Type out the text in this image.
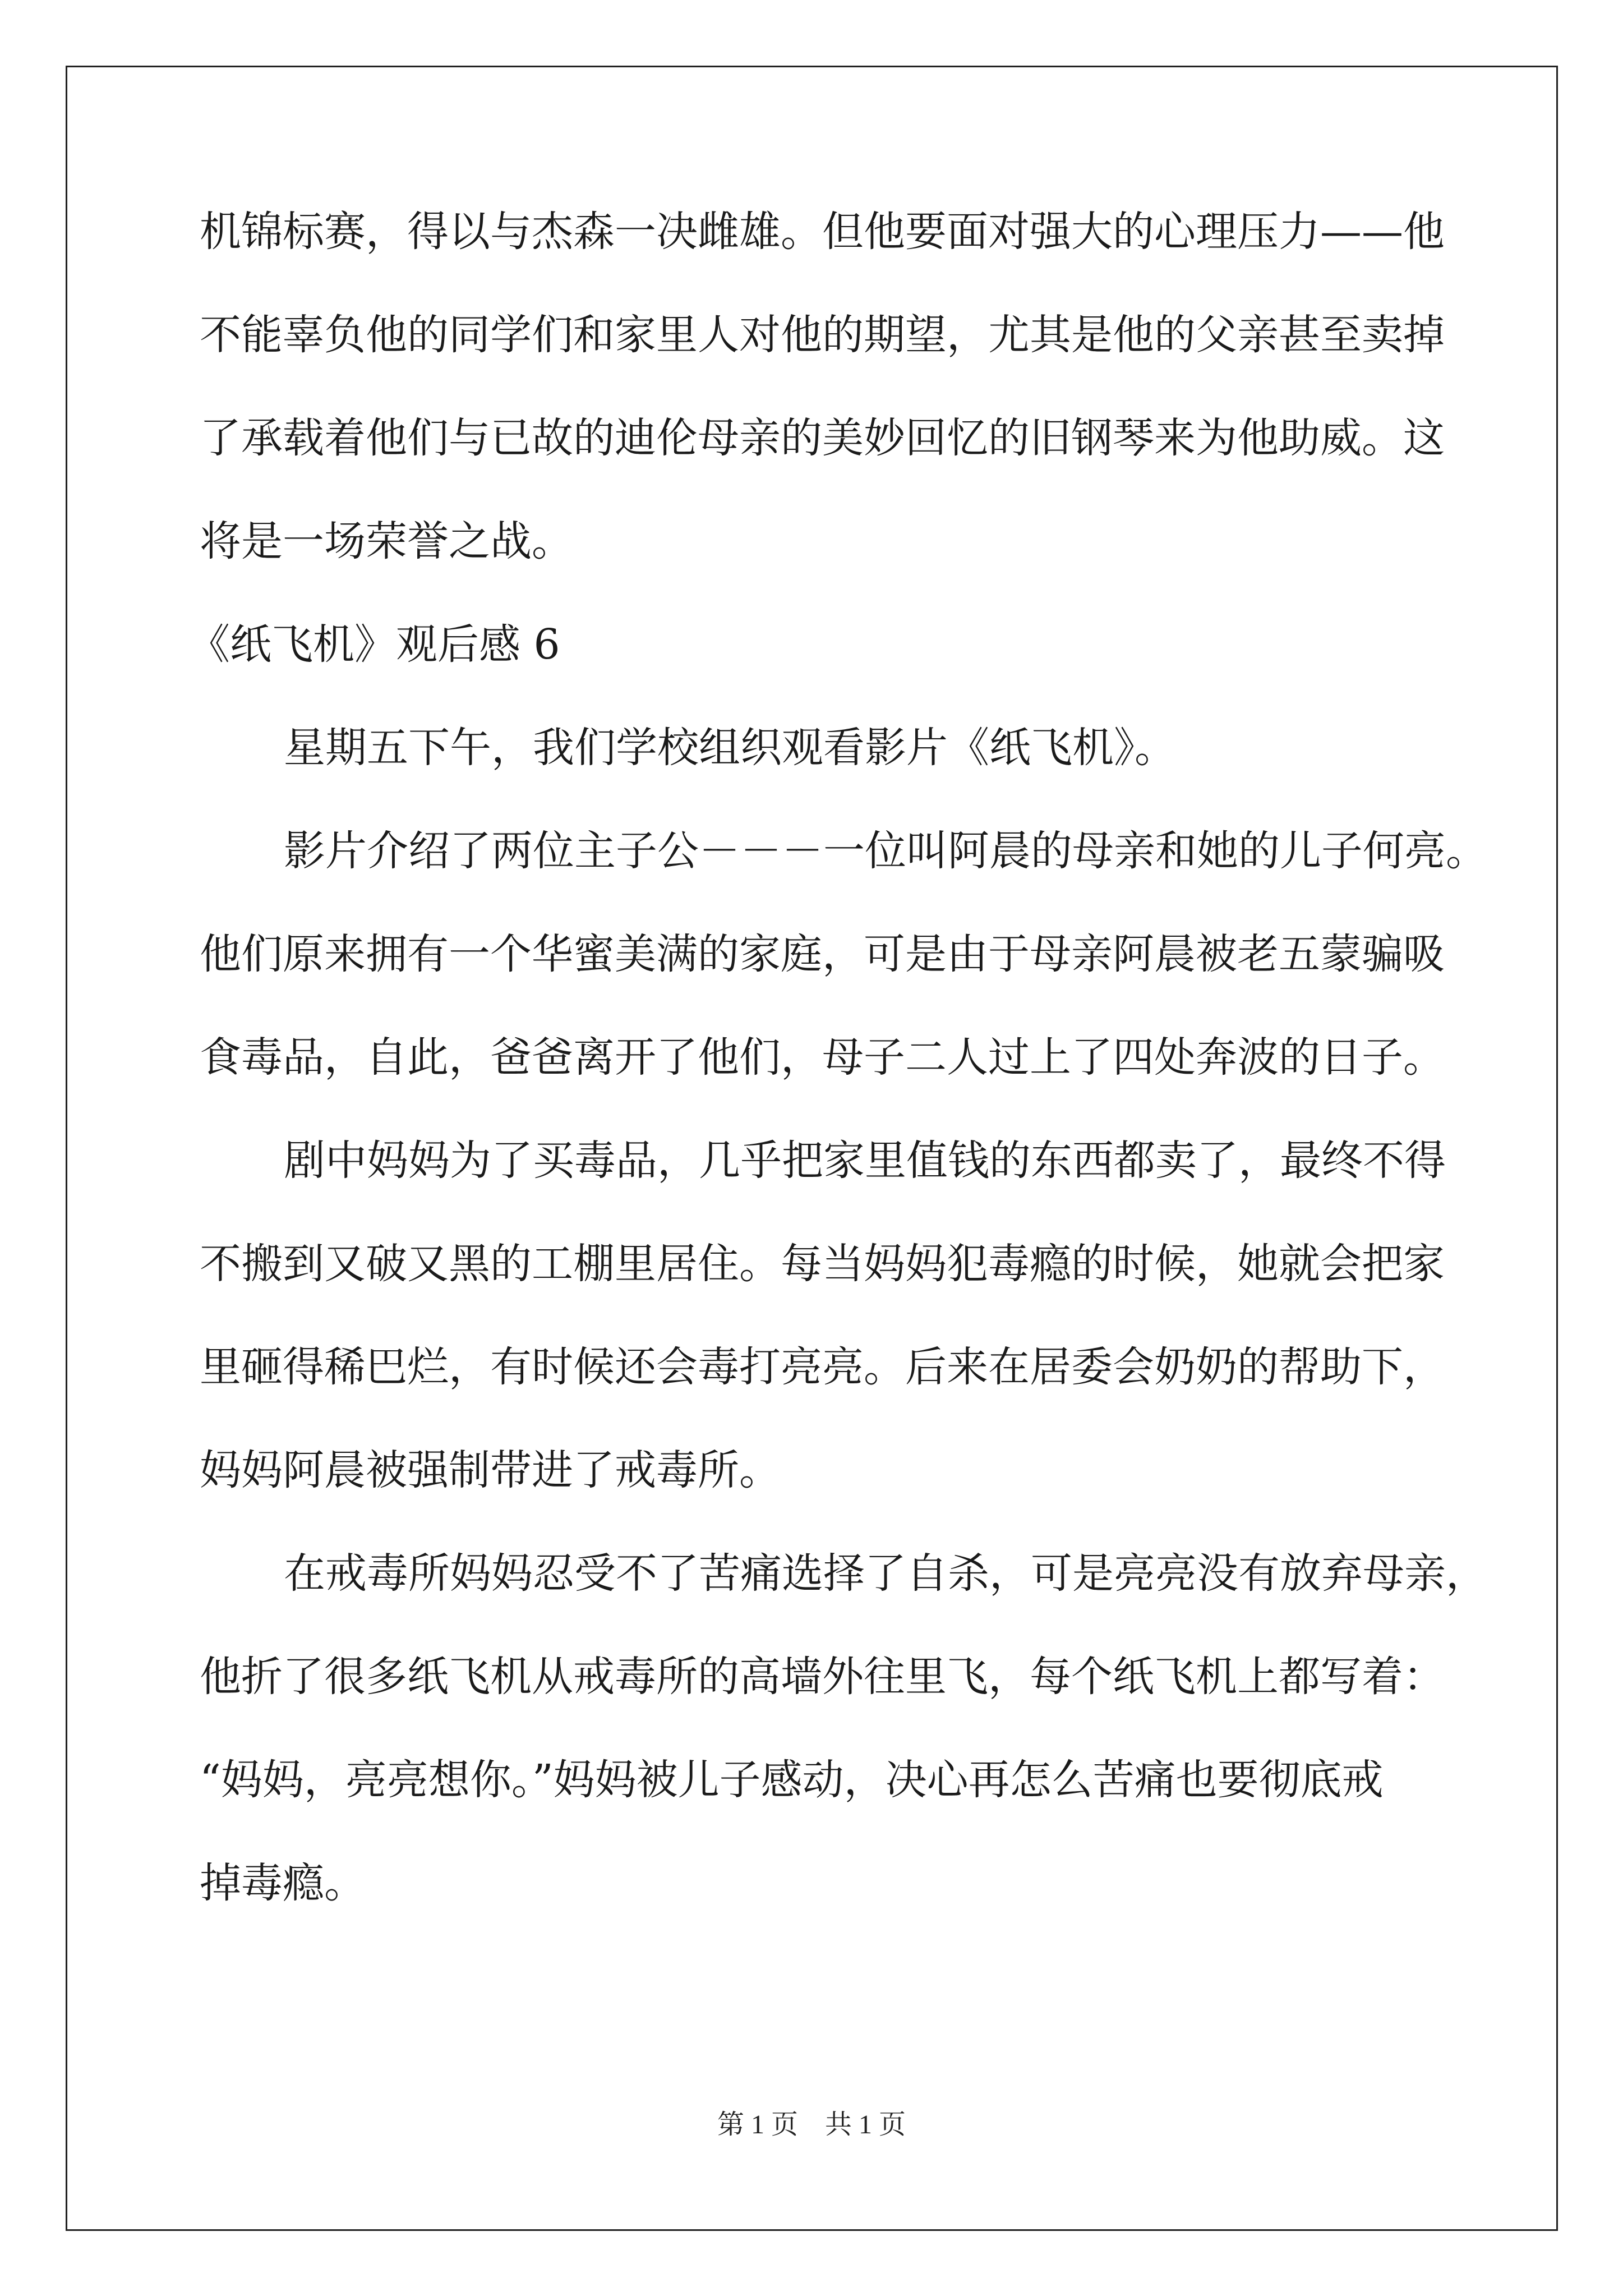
机锦标赛，得以与杰森一决雌雄。但他要面对强大的心理压力——他

不能辜负他的同学们和家里人对他的期望，尤其是他的父亲甚至卖掉

了承载着他们与已故的迪伦母亲的美妙回忆的旧钢琴来为他助威。这

将是一场荣誉之战。

《纸飞机》观后感 6

星期五下午，我们学校组织观看影片《纸飞机》。

影片介绍了两位主子公－－－一位叫阿晨的母亲和她的儿子何亮。

他们原来拥有一个华蜜美满的家庭，可是由于母亲阿晨被老五蒙骗吸

食毒品，自此，爸爸离开了他们，母子二人过上了四处奔波的日子。

剧中妈妈为了买毒品，几乎把家里值钱的东西都卖了，最终不得

不搬到又破又黑的工棚里居住。每当妈妈犯毒瘾的时候，她就会把家

里砸得稀巴烂，有时候还会毒打亮亮。后来在居委会奶奶的帮助下，

妈妈阿晨被强制带进了戒毒所。

在戒毒所妈妈忍受不了苦痛选择了自杀，可是亮亮没有放弃母亲，

他折了很多纸飞机从戒毒所的高墙外往里飞，每个纸飞机上都写着：

“妈妈，亮亮想你。”妈妈被儿子感动，决心再怎么苦痛也要彻底戒

掉毒瘾。

第 1 页　共 1 页
